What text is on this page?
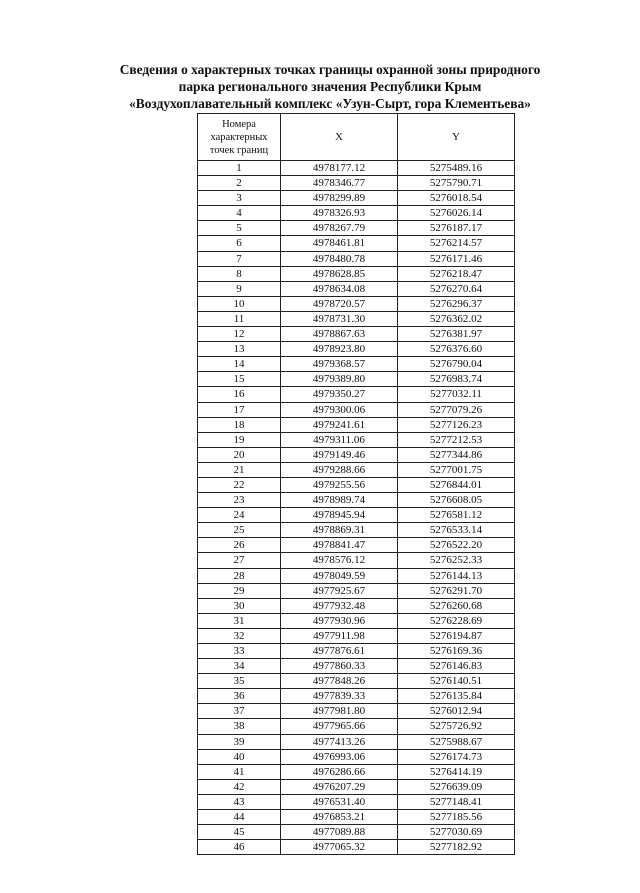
Сведения о характерных точках границы охранной зоны природного
парка регионального значения Республики Крым
«Воздухоплавательный комплекс «Узун-Сырт, гора Клементьева»
Номера характерных точек границ	X	Y
1	4978177.12	5275489.16
2	4978346.77	5275790.71
3	4978299.89	5276018.54
4	4978326.93	5276026.14
5	4978267.79	5276187.17
6	4978461.81	5276214.57
7	4978480.78	5276171.46
8	4978628.85	5276218.47
9	4978634.08	5276270.64
10	4978720.57	5276296.37
11	4978731.30	5276362.02
12	4978867.63	5276381.97
13	4978923.80	5276376.60
14	4979368.57	5276790.04
15	4979389.80	5276983.74
16	4979350.27	5277032.11
17	4979300.06	5277079.26
18	4979241.61	5277126.23
19	4979311.06	5277212.53
20	4979149.46	5277344.86
21	4979288.66	5277001.75
22	4979255.56	5276844.01
23	4978989.74	5276608.05
24	4978945.94	5276581.12
25	4978869.31	5276533.14
26	4978841.47	5276522.20
27	4978576.12	5276252.33
28	4978049.59	5276144.13
29	4977925.67	5276291.70
30	4977932.48	5276260.68
31	4977930.96	5276228.69
32	4977911.98	5276194.87
33	4977876.61	5276169.36
34	4977860.33	5276146.83
35	4977848.26	5276140.51
36	4977839.33	5276135.84
37	4977981.80	5276012.94
38	4977965.66	5275726.92
39	4977413.26	5275988.67
40	4976993.06	5276174.73
41	4976286.66	5276414.19
42	4976207.29	5276639.09
43	4976531.40	5277148.41
44	4976853.21	5277185.56
45	4977089.88	5277030.69
46	4977065.32	5277182.92
